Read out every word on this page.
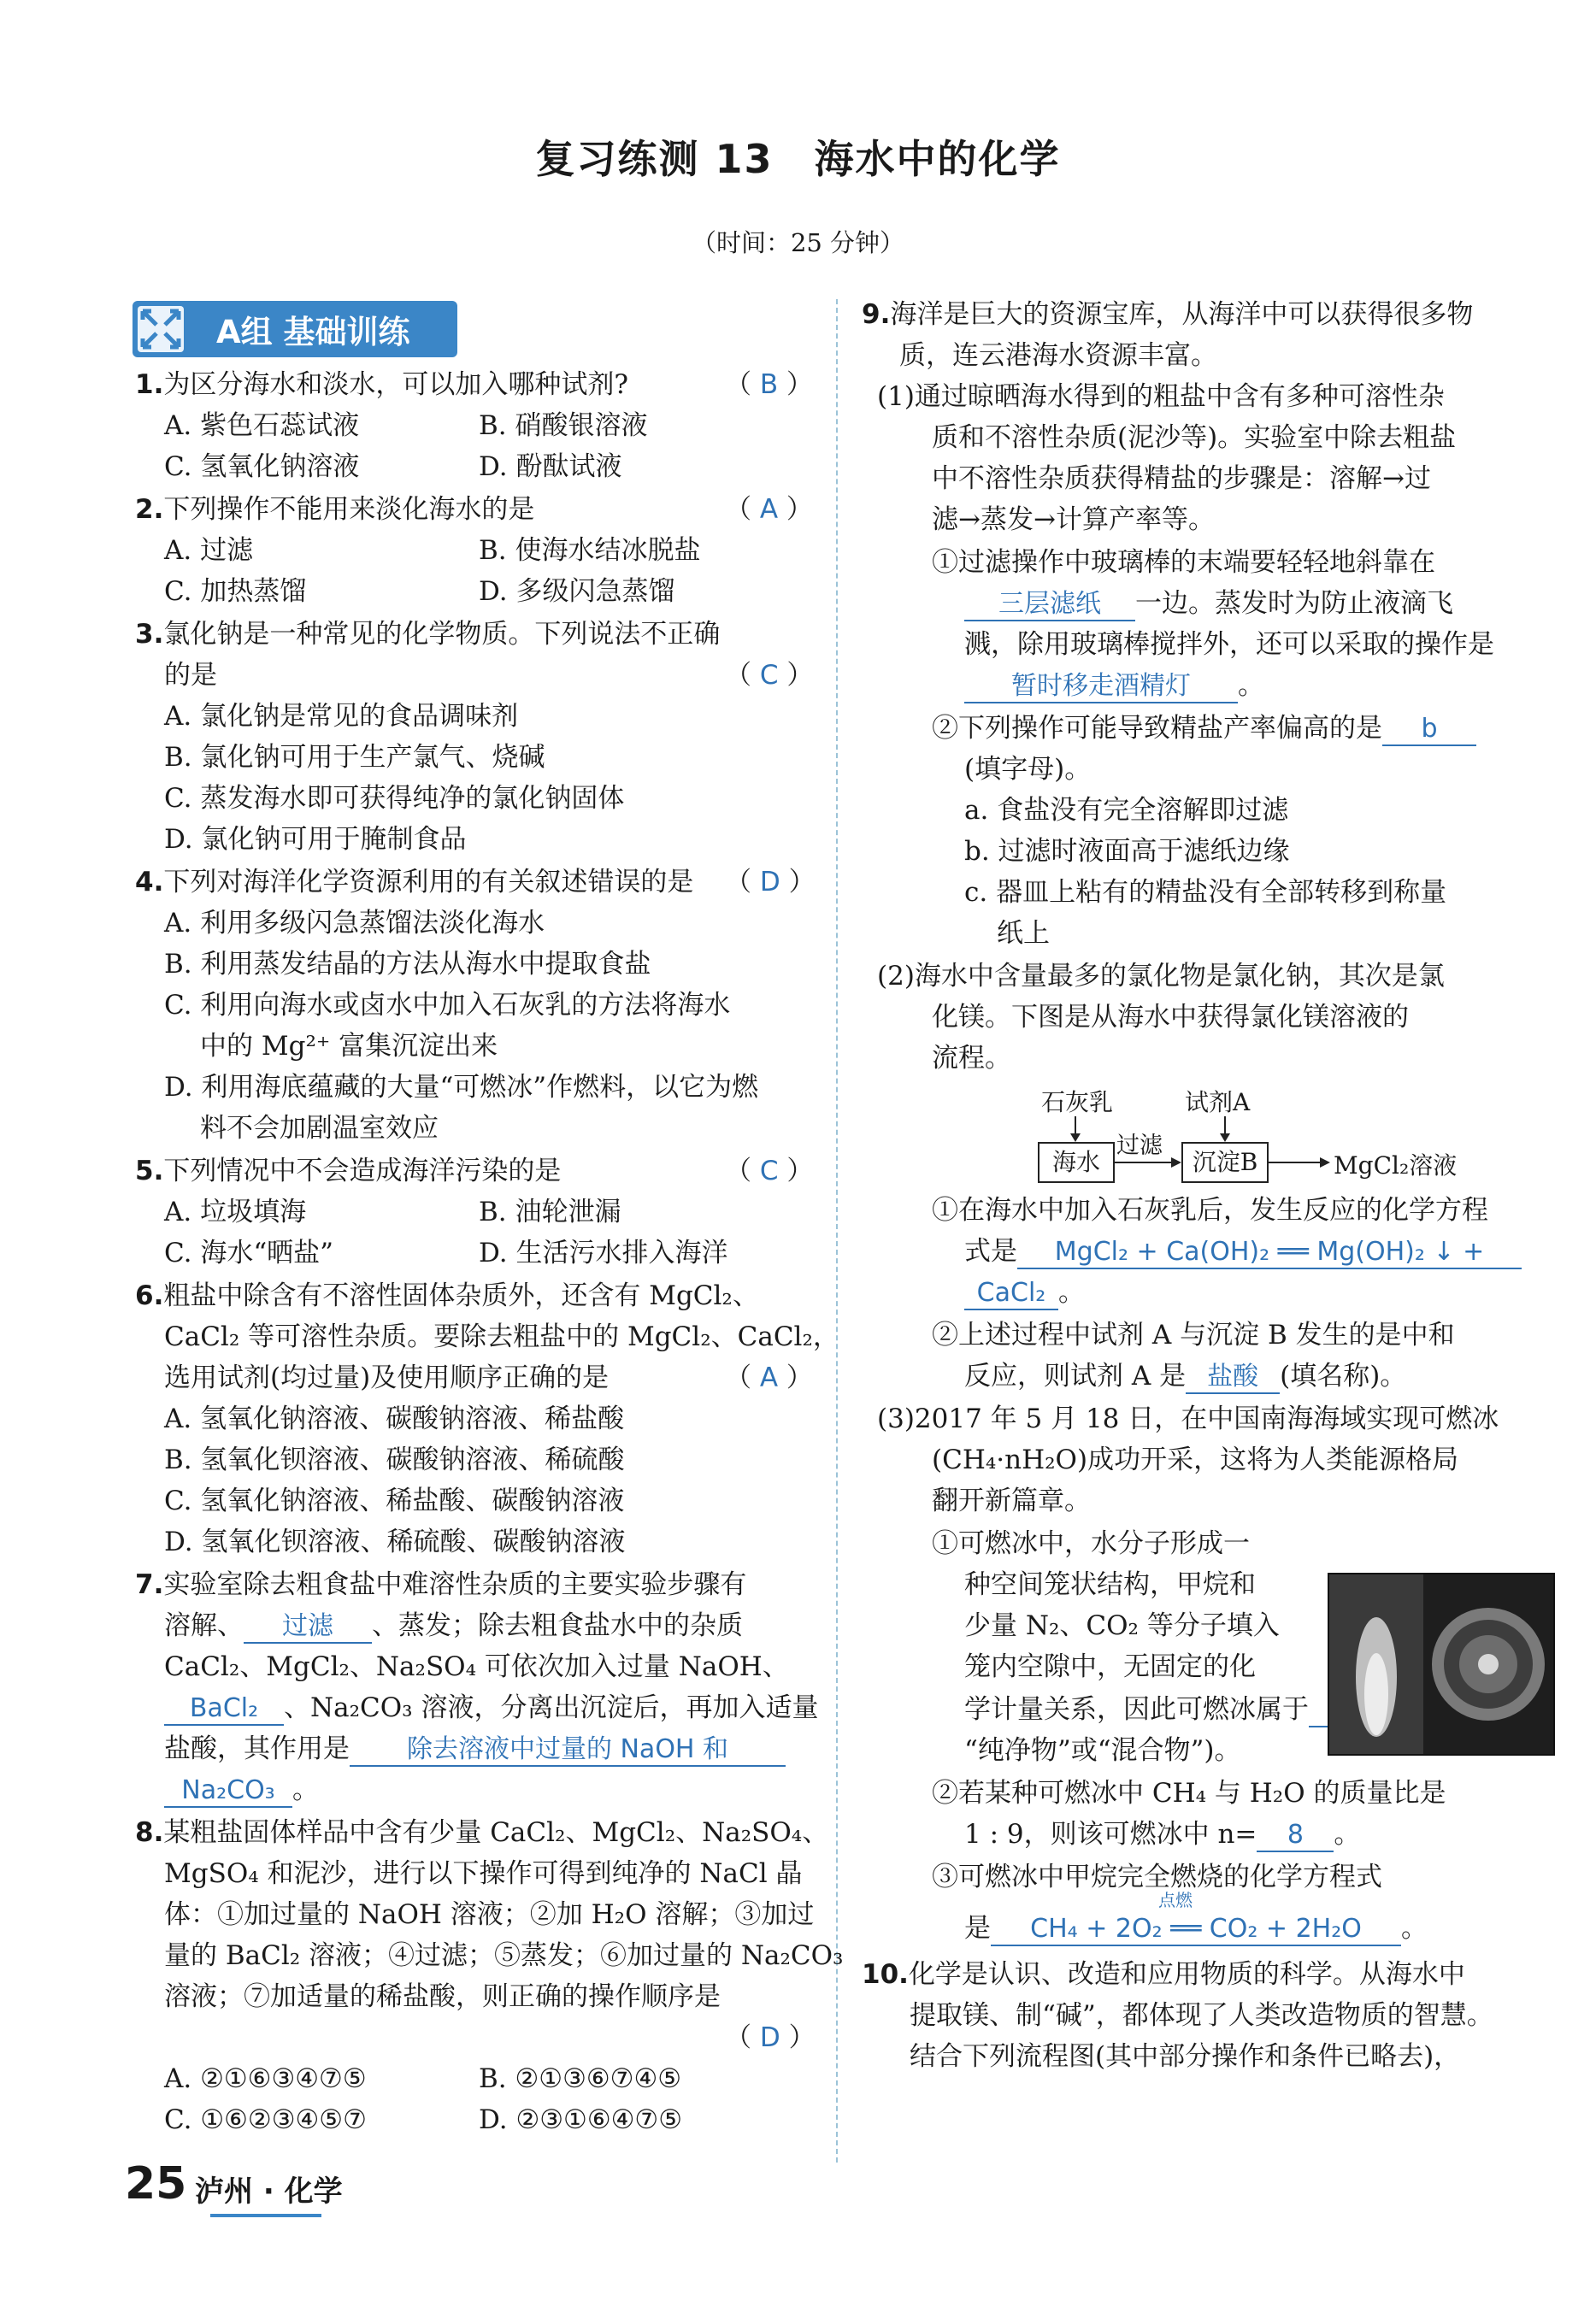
复习练测 13　海水中的化学
（时间：25 分钟）
A组 基础训练
1.为区分海水和淡水，可以加入哪种试剂?	（ B ）
A. 紫色石蕊试液	B. 硝酸银溶液
C. 氢氧化钠溶液	D. 酚酞试液
2.下列操作不能用来淡化海水的是	（ A ）
A. 过滤	B. 使海水结冰脱盐
C. 加热蒸馏	D. 多级闪急蒸馏
3.氯化钠是一种常见的化学物质。下列说法不正确
的是	（ C ）
A. 氯化钠是常见的食品调味剂
B. 氯化钠可用于生产氯气、烧碱
C. 蒸发海水即可获得纯净的氯化钠固体
D. 氯化钠可用于腌制食品
4.下列对海洋化学资源利用的有关叙述错误的是 （ D ）
A. 利用多级闪急蒸馏法淡化海水
B. 利用蒸发结晶的方法从海水中提取食盐
C. 利用向海水或卤水中加入石灰乳的方法将海水
中的 Mg²⁺ 富集沉淀出来
D. 利用海底蕴藏的大量“可燃冰”作燃料，以它为燃
料不会加剧温室效应
5.下列情况中不会造成海洋污染的是	（ C ）
A. 垃圾填海	B. 油轮泄漏
C. 海水“晒盐”	D. 生活污水排入海洋
6.粗盐中除含有不溶性固体杂质外，还含有 MgCl₂、
CaCl₂ 等可溶性杂质。要除去粗盐中的 MgCl₂、CaCl₂，
选用试剂(均过量)及使用顺序正确的是	（ A ）
A. 氢氧化钠溶液、碳酸钠溶液、稀盐酸
B. 氢氧化钡溶液、碳酸钠溶液、稀硫酸
C. 氢氧化钠溶液、稀盐酸、碳酸钠溶液
D. 氢氧化钡溶液、稀硫酸、碳酸钠溶液
7.实验室除去粗食盐中难溶性杂质的主要实验步骤有
溶解、 过滤 、蒸发；除去粗食盐水中的杂质
CaCl₂、MgCl₂、Na₂SO₄ 可依次加入过量 NaOH、
BaCl₂ 、Na₂CO₃ 溶液，分离出沉淀后，再加入适量
盐酸，其作用是 除去溶液中过量的 NaOH 和
Na₂CO₃ 。
8.某粗盐固体样品中含有少量 CaCl₂、MgCl₂、Na₂SO₄、
MgSO₄ 和泥沙，进行以下操作可得到纯净的 NaCl 晶
体：①加过量的 NaOH 溶液；②加 H₂O 溶解；③加过
量的 BaCl₂ 溶液；④过滤；⑤蒸发；⑥加过量的 Na₂CO₃
溶液；⑦加适量的稀盐酸，则正确的操作顺序是
（ D ）
A. ②①⑥③④⑦⑤	B. ②①③⑥⑦④⑤
C. ①⑥②③④⑤⑦	D. ②③①⑥④⑦⑤
9.海洋是巨大的资源宝库，从海洋中可以获得很多物
质，连云港海水资源丰富。
(1)通过晾晒海水得到的粗盐中含有多种可溶性杂
质和不溶性杂质(泥沙等)。实验室中除去粗盐
中不溶性杂质获得精盐的步骤是：溶解→过
滤→蒸发→计算产率等。
①过滤操作中玻璃棒的末端要轻轻地斜靠在
三层滤纸 一边。蒸发时为防止液滴飞
溅，除用玻璃棒搅拌外，还可以采取的操作是
暂时移走酒精灯 。
②下列操作可能导致精盐产率偏高的是 b
(填字母)。
a. 食盐没有完全溶解即过滤
b. 过滤时液面高于滤纸边缘
c. 器皿上粘有的精盐没有全部转移到称量
纸上
(2)海水中含量最多的氯化物是氯化钠，其次是氯
化镁。下图是从海水中获得氯化镁溶液的
流程。
石灰乳	试剂A
海水
过滤
沉淀B	MgCl₂溶液
①在海水中加入石灰乳后，发生反应的化学方程
式是 MgCl₂ + Ca(OH)₂ ══ Mg(OH)₂ ↓ +
CaCl₂ 。
②上述过程中试剂 A 与沉淀 B 发生的是中和
反应，则试剂 A 是 盐酸 (填名称)。
(3)2017 年 5 月 18 日，在中国南海海域实现可燃冰
(CH₄·nH₂O)成功开采，这将为人类能源格局
翻开新篇章。
①可燃冰中，水分子形成一
种空间笼状结构，甲烷和
少量 N₂、CO₂ 等分子填入
笼内空隙中，无固定的化
学计量关系，因此可燃冰属于
“纯净物”或“混合物”)。
②若某种可燃冰中 CH₄ 与 H₂O 的质量比是
1 : 9，则该可燃冰中 n= 8 。
③可燃冰中甲烷完全燃烧的化学方程式
是
点燃
CH₄ + 2O₂ ══ CO₂ + 2H₂O 。
10.化学是认识、改造和应用物质的科学。从海水中
提取镁、制“碱”，都体现了人类改造物质的智慧。
结合下列流程图(其中部分操作和条件已略去)，
25 泸州 · 化学
